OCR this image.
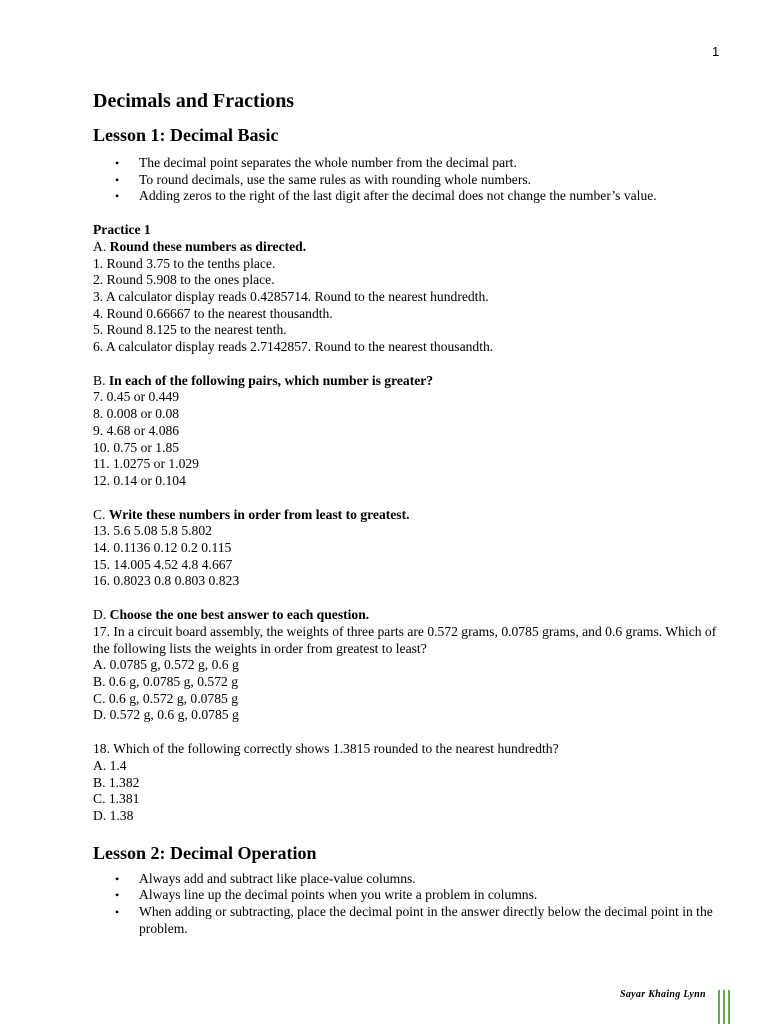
1
Decimals and Fractions
Lesson 1: Decimal Basic
• The decimal point separates the whole number from the decimal part.
• To round decimals, use the same rules as with rounding whole numbers.
• Adding zeros to the right of the last digit after the decimal does not change the number’s value.
Practice 1
A. Round these numbers as directed.
1. Round 3.75 to the tenths place.
2. Round 5.908 to the ones place.
3. A calculator display reads 0.4285714. Round to the nearest hundredth.
4. Round 0.66667 to the nearest thousandth.
5. Round 8.125 to the nearest tenth.
6. A calculator display reads 2.7142857. Round to the nearest thousandth.
B. In each of the following pairs, which number is greater?
7. 0.45 or 0.449
8. 0.008 or 0.08
9. 4.68 or 4.086
10. 0.75 or 1.85
11. 1.0275 or 1.029
12. 0.14 or 0.104
C. Write these numbers in order from least to greatest.
13. 5.6 5.08 5.8 5.802
14. 0.1136 0.12 0.2 0.115
15. 14.005 4.52 4.8 4.667
16. 0.8023 0.8 0.803 0.823
D. Choose the one best answer to each question.
17. In a circuit board assembly, the weights of three parts are 0.572 grams, 0.0785 grams, and 0.6 grams. Which of the following lists the weights in order from greatest to least?
A. 0.0785 g, 0.572 g, 0.6 g
B. 0.6 g, 0.0785 g, 0.572 g
C. 0.6 g, 0.572 g, 0.0785 g
D. 0.572 g, 0.6 g, 0.0785 g
18. Which of the following correctly shows 1.3815 rounded to the nearest hundredth?
A. 1.4
B. 1.382
C. 1.381
D. 1.38
Lesson 2: Decimal Operation
• Always add and subtract like place-value columns.
• Always line up the decimal points when you write a problem in columns.
• When adding or subtracting, place the decimal point in the answer directly below the decimal point in the problem.
Sayar Khaing Lynn
